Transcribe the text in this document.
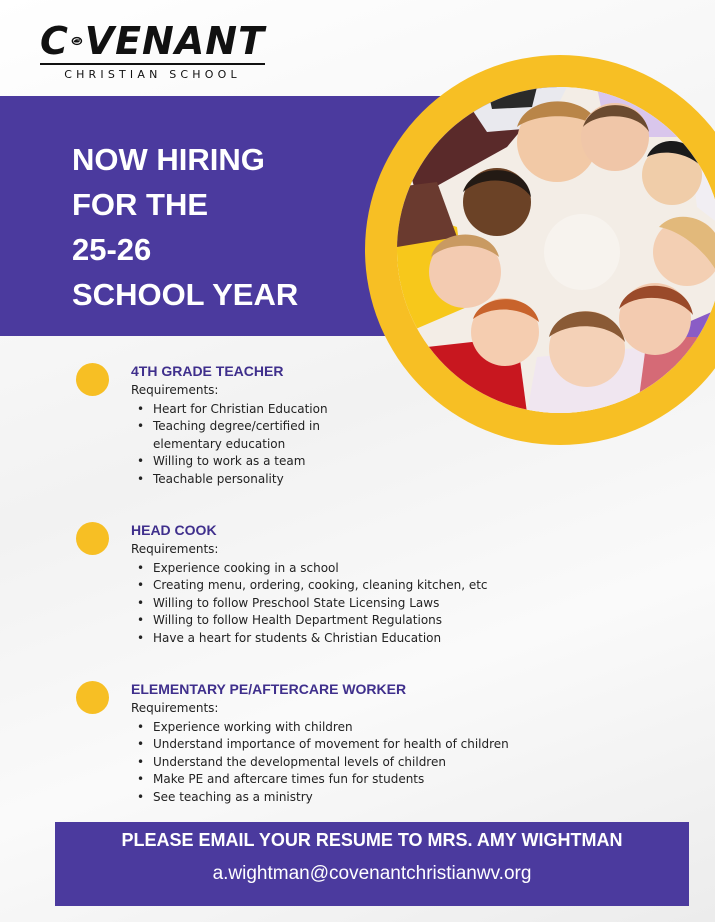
C VENANT
CHRISTIAN SCHOOL
NOW HIRING
FOR THE
25-26
SCHOOL YEAR
4TH GRADE TEACHER
Requirements:
• Heart for Christian Education
• Teaching degree/certified in
elementary education
• Willing to work as a team
• Teachable personality
HEAD COOK
Requirements:
• Experience cooking in a school
• Creating menu, ordering, cooking, cleaning kitchen, etc
• Willing to follow Preschool State Licensing Laws
• Willing to follow Health Department Regulations
• Have a heart for students & Christian Education
ELEMENTARY PE/AFTERCARE WORKER
Requirements:
• Experience working with children
• Understand importance of movement for health of children
• Understand the developmental levels of children
• Make PE and aftercare times fun for students
• See teaching as a ministry
PLEASE EMAIL YOUR RESUME TO MRS. AMY WIGHTMAN
a.wightman@covenantchristianwv.org
